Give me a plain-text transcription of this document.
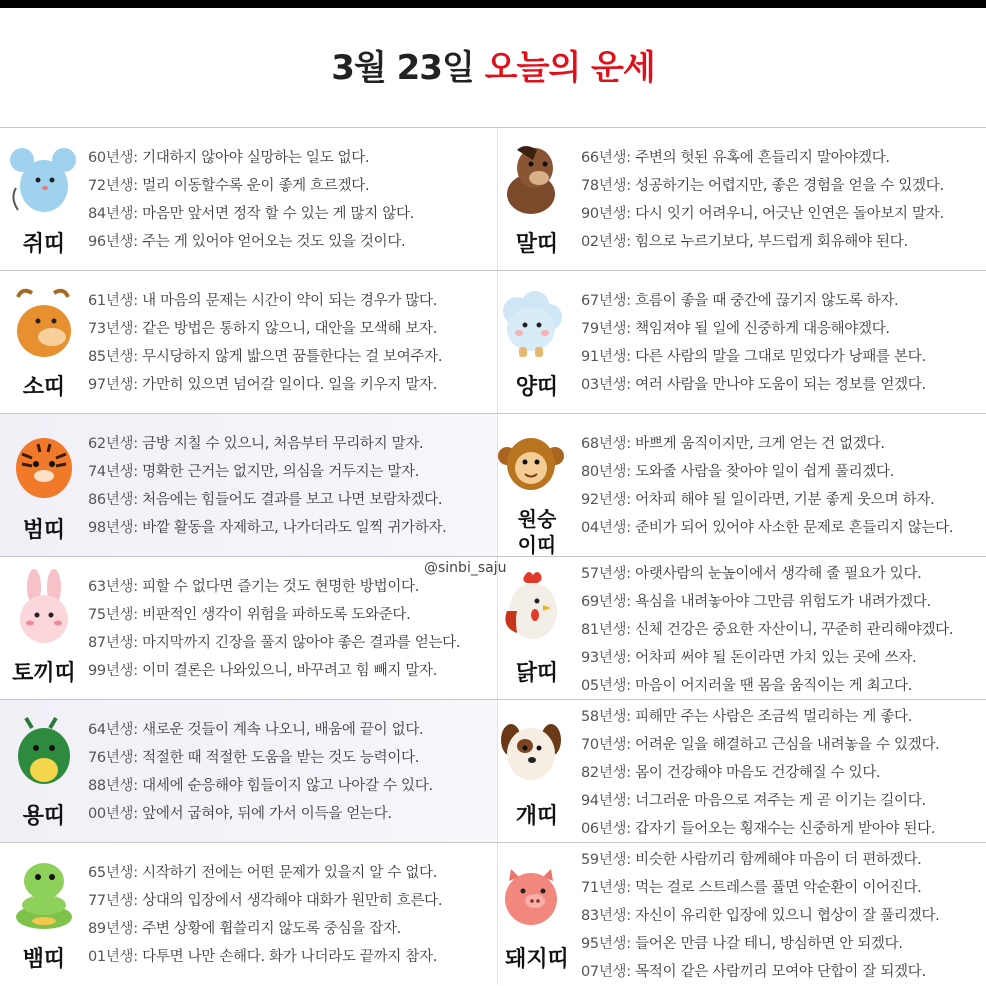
3월 23일 오늘의 운세
쥐띠
60년생: 기대하지 않아야 실망하는 일도 없다.
72년생: 멀리 이동할수록 운이 좋게 흐르겠다.
84년생: 마음만 앞서면 정작 할 수 있는 게 많지 않다.
96년생: 주는 게 있어야 얻어오는 것도 있을 것이다.	말띠
66년생: 주변의 헛된 유혹에 흔들리지 말아야겠다.
78년생: 성공하기는 어렵지만, 좋은 경험을 얻을 수 있겠다.
90년생: 다시 잇기 어려우니, 어긋난 인연은 돌아보지 말자.
02년생: 힘으로 누르기보다, 부드럽게 회유해야 된다.
소띠
61년생: 내 마음의 문제는 시간이 약이 되는 경우가 많다.
73년생: 같은 방법은 통하지 않으니, 대안을 모색해 보자.
85년생: 무시당하지 않게 밟으면 꿈틀한다는 걸 보여주자.
97년생: 가만히 있으면 넘어갈 일이다. 일을 키우지 말자.	양띠
67년생: 흐름이 좋을 때 중간에 끊기지 않도록 하자.
79년생: 책임져야 될 일에 신중하게 대응해야겠다.
91년생: 다른 사람의 말을 그대로 믿었다가 낭패를 본다.
03년생: 여러 사람을 만나야 도움이 되는 정보를 얻겠다.
범띠
62년생: 금방 지칠 수 있으니, 처음부터 무리하지 말자.
74년생: 명확한 근거는 없지만, 의심을 거두지는 말자.
86년생: 처음에는 힘들어도 결과를 보고 나면 보람차겠다.
98년생: 바깥 활동을 자제하고, 나가더라도 일찍 귀가하자.	원숭이띠
68년생: 바쁘게 움직이지만, 크게 얻는 건 없겠다.
80년생: 도와줄 사람을 찾아야 일이 쉽게 풀리겠다.
92년생: 어차피 해야 될 일이라면, 기분 좋게 웃으며 하자.
04년생: 준비가 되어 있어야 사소한 문제로 흔들리지 않는다.
토끼띠
63년생: 피할 수 없다면 즐기는 것도 현명한 방법이다.
75년생: 비판적인 생각이 위험을 파하도록 도와준다.
87년생: 마지막까지 긴장을 풀지 않아야 좋은 결과를 얻는다.
99년생: 이미 결론은 나와있으니, 바꾸려고 힘 빼지 말자.	닭띠
57년생: 아랫사람의 눈높이에서 생각해 줄 필요가 있다.
69년생: 욕심을 내려놓아야 그만큼 위험도가 내려가겠다.
81년생: 신체 건강은 중요한 자산이니, 꾸준히 관리해야겠다.
93년생: 어차피 써야 될 돈이라면 가치 있는 곳에 쓰자.
05년생: 마음이 어지러울 땐 몸을 움직이는 게 최고다.
용띠
64년생: 새로운 것들이 계속 나오니, 배움에 끝이 없다.
76년생: 적절한 때 적절한 도움을 받는 것도 능력이다.
88년생: 대세에 순응해야 힘들이지 않고 나아갈 수 있다.
00년생: 앞에서 굽혀야, 뒤에 가서 이득을 얻는다.	개띠
58년생: 피해만 주는 사람은 조금씩 멀리하는 게 좋다.
70년생: 어려운 일을 해결하고 근심을 내려놓을 수 있겠다.
82년생: 몸이 건강해야 마음도 건강해질 수 있다.
94년생: 너그러운 마음으로 져주는 게 곧 이기는 길이다.
06년생: 갑자기 들어오는 횡재수는 신중하게 받아야 된다.
뱀띠
65년생: 시작하기 전에는 어떤 문제가 있을지 알 수 없다.
77년생: 상대의 입장에서 생각해야 대화가 원만히 흐른다.
89년생: 주변 상황에 휩쓸리지 않도록 중심을 잡자.
01년생: 다투면 나만 손해다. 화가 나더라도 끝까지 참자.	돼지띠
59년생: 비슷한 사람끼리 함께해야 마음이 더 편하겠다.
71년생: 먹는 걸로 스트레스를 풀면 악순환이 이어진다.
83년생: 자신이 유리한 입장에 있으니 협상이 잘 풀리겠다.
95년생: 들어온 만큼 나갈 테니, 방심하면 안 되겠다.
07년생: 목적이 같은 사람끼리 모여야 단합이 잘 되겠다.
@sinbi_saju
